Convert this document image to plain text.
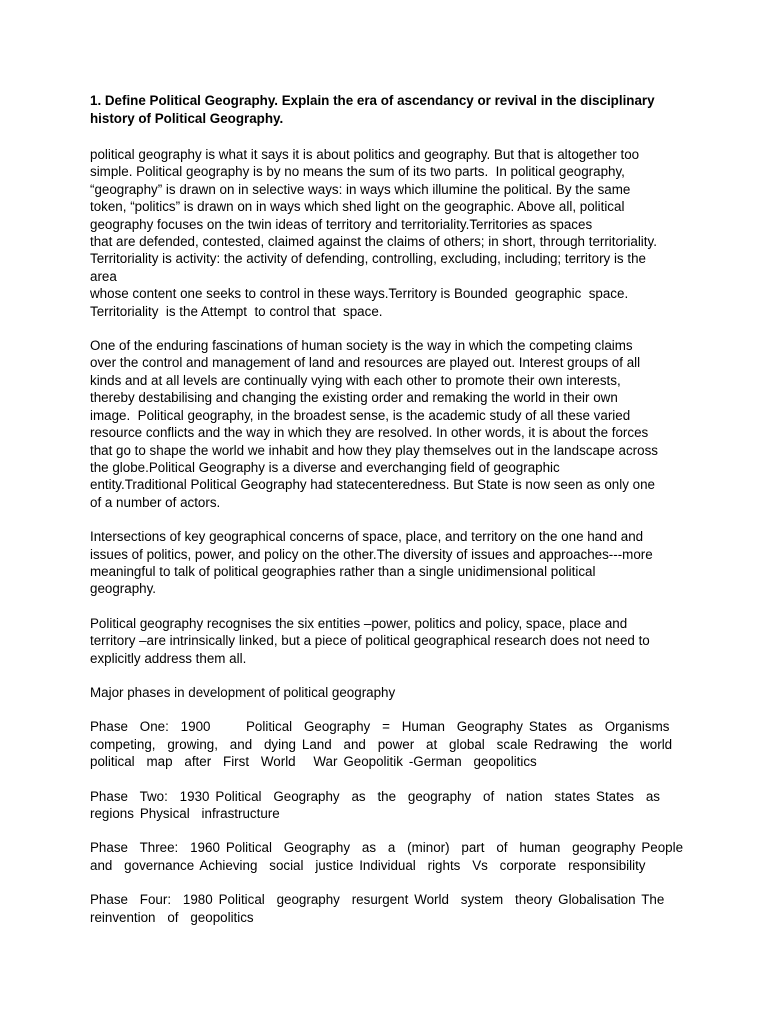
1. Define Political Geography. Explain the era of ascendancy or revival in the disciplinary
history of Political Geography.
political geography is what it says it is about politics and geography. But that is altogether too
simple. Political geography is by no means the sum of its two parts.  In political geography,
“geography” is drawn on in selective ways: in ways which illumine the political. By the same
token, “politics” is drawn on in ways which shed light on the geographic. Above all, political
geography focuses on the twin ideas of territory and territoriality.Territories as spaces
that are defended, contested, claimed against the claims of others; in short, through territoriality.
Territoriality is activity: the activity of defending, controlling, excluding, including; territory is the
area
whose content one seeks to control in these ways.Territory is Bounded  geographic  space.
Territoriality  is the Attempt  to control that  space.
One of the enduring fascinations of human society is the way in which the competing claims
over the control and management of land and resources are played out. Interest groups of all
kinds and at all levels are continually vying with each other to promote their own interests,
thereby destabilising and changing the existing order and remaking the world in their own
image.  Political geography, in the broadest sense, is the academic study of all these varied
resource conflicts and the way in which they are resolved. In other words, it is about the forces
that go to shape the world we inhabit and how they play themselves out in the landscape across
the globe.Political Geography is a diverse and everchanging field of geographic
entity.Traditional Political Geography had statecenteredness. But State is now seen as only one
of a number of actors.
Intersections of key geographical concerns of space, place, and territory on the one hand and
issues of politics, power, and policy on the other.The diversity of issues and approaches---more
meaningful to talk of political geographies rather than a single unidimensional political
geography.
Political geography recognises the six entities –power, politics and policy, space, place and
territory –are intrinsically linked, but a piece of political geographical research does not need to
explicitly address them all.
Major phases in development of political geography
Phase  One:  1900      Political  Geography  =  Human  Geography States  as  Organisms
competing,  growing,  and  dying Land  and  power  at  global  scale Redrawing  the  world
political  map  after  First  World   War Geopolitik -German  geopolitics
Phase  Two:  1930 Political  Geography  as  the  geography  of  nation  states States  as
regions Physical  infrastructure
Phase  Three:  1960 Political  Geography  as  a  (minor)  part  of  human  geography People
and  governance Achieving  social  justice Individual  rights  Vs  corporate  responsibility
Phase  Four:  1980 Political  geography  resurgent World  system  theory Globalisation The
reinvention  of  geopolitics
